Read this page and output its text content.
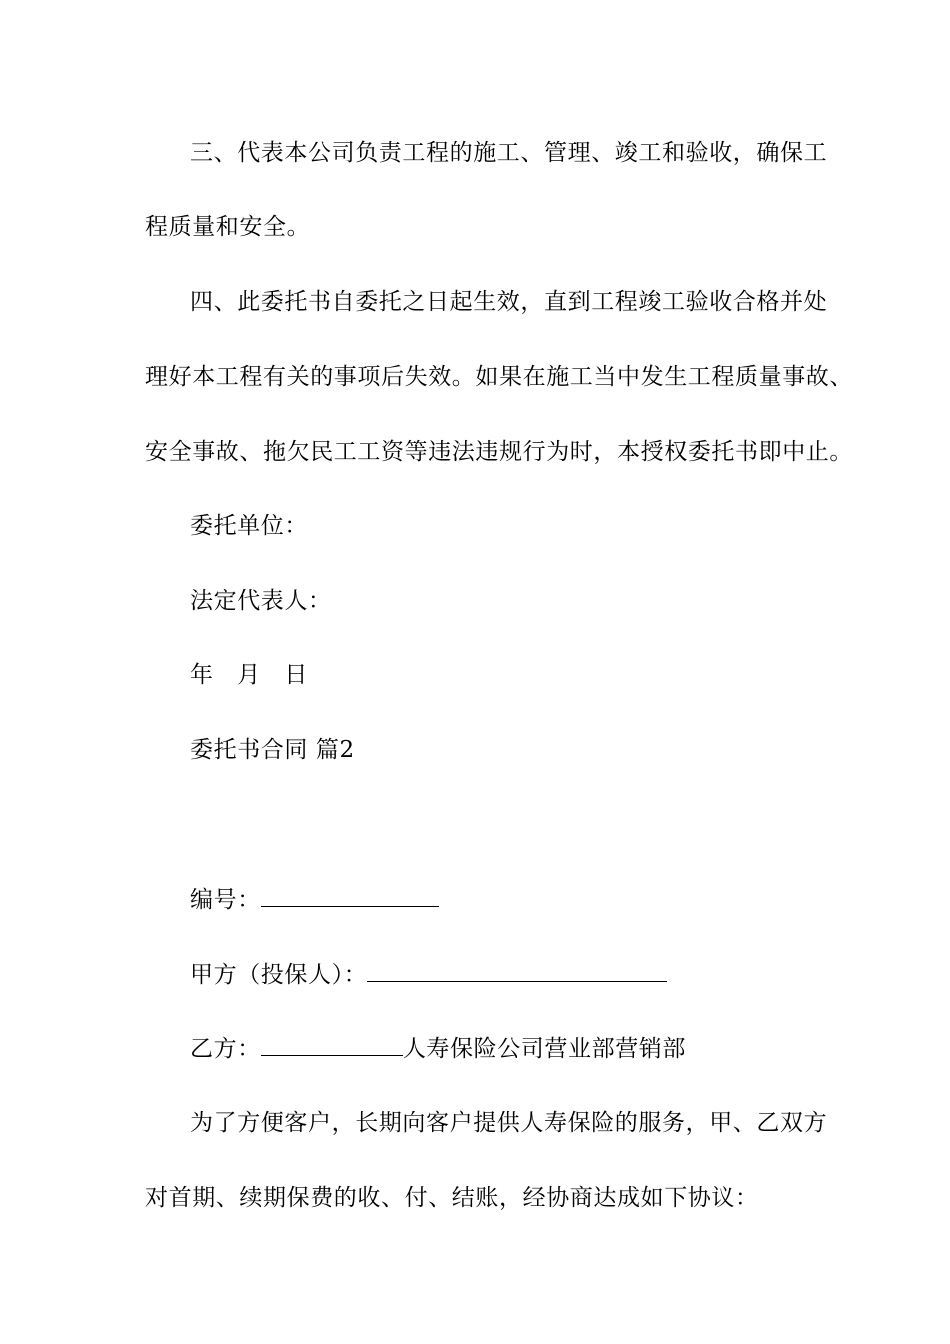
三、代表本公司负责工程的施工、管理、竣工和验收，确保工
程质量和安全。
四、此委托书自委托之日起生效，直到工程竣工验收合格并处
理好本工程有关的事项后失效。如果在施工当中发生工程质量事故、
安全事故、拖欠民工工资等违法违规行为时，本授权委托书即中止。
委托单位：
法定代表人：
年　月　日
委托书合同 篇2
编号：
甲方（投保人）：
乙方：	人寿保险公司营业部营销部
为了方便客户，长期向客户提供人寿保险的服务，甲、乙双方
对首期、续期保费的收、付、结账，经协商达成如下协议：
